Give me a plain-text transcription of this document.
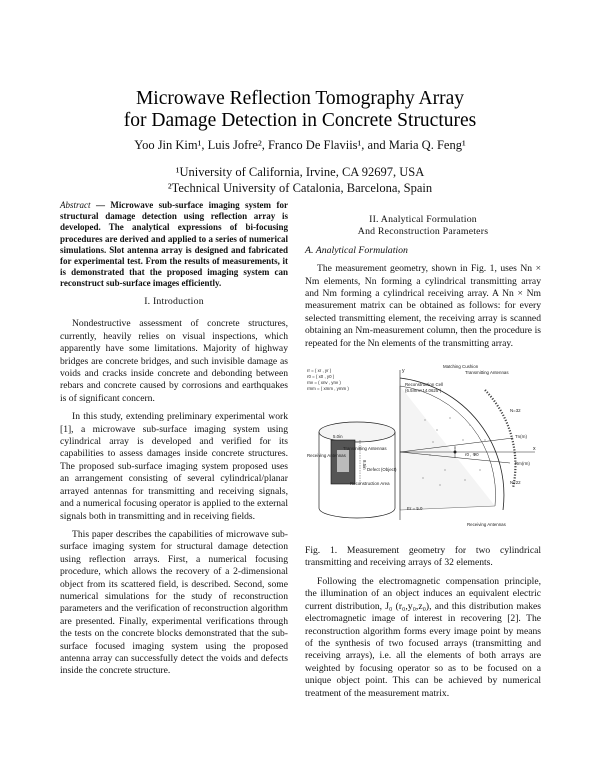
Microwave Reflection Tomography Array
for Damage Detection in Concrete Structures
Yoo Jin Kim¹, Luis Jofre², Franco De Flaviis¹, and Maria Q. Feng¹
¹University of California, Irvine, CA 92697, USA
²Technical University of Catalonia, Barcelona, Spain
Abstract — Microwave sub-surface imaging system for structural damage detection using reflection array is developed. The analytical expressions of bi-focusing procedures are derived and applied to a series of numerical simulations. Slot antenna array is designed and fabricated for experimental test. From the results of measurements, it is demonstrated that the proposed imaging system can reconstruct sub-surface images efficiently.
I. Introduction

Nondestructive assessment of concrete structures, currently, heavily relies on visual inspections, which apparently have some limitations. Majority of highway bridges are concrete bridges, and such invisible damage as voids and cracks inside concrete and debonding between rebars and concrete caused by corrosions and earthquakes is of significant concern.

In this study, extending preliminary experimental work [1], a microwave sub-surface imaging system using cylindrical array is developed and verified for its capabilities to assess damages inside concrete structures. The proposed sub-surface imaging system proposed uses an arrangement consisting of several cylindrical/planar arrayed antennas for transmitting and receiving signals, and a numerical focusing operator is applied to the external signals both in transmitting and in receiving fields.

This paper describes the capabilities of microwave sub-surface imaging system for structural damage detection using reflection arrays. First, a numerical focusing procedure, which allows the recovery of a 2-dimensional object from its scattered field, is described. Second, some numerical simulations for the study of reconstruction parameters and the verification of reconstruction algorithm are presented. Finally, experimental verifications through the tests on the concrete blocks demonstrated that the sub-surface focused imaging system using the proposed antenna array can successfully detect the voids and defects inside the concrete structure.

II. Analytical Formulation
And Reconstruction Parameters
A. Analytical Formulation

The measurement geometry, shown in Fig. 1, uses Nn × Nm elements, Nn forming a cylindrical transmitting array and Nm forming a cylindrical receiving array. A Nn × Nm measurement matrix can be obtained as follows: for every selected transmitting element, the receiving array is scanned obtaining an Nm-measurement column, then the procedure is repeated for the Nn elements of the transmitting array.

8.5in
5.0in
y
x
Matching Cushion
Transmitting Antennas
rr = ( xr , yr )
r0 = ( x0 , y0 )
rnv = ( xnv , ynv )
rmm = ( xmm , ymm )
Reconstruction Cell
(6.5mm×14.0625")
N=32
N=22
Tn(rn)
Rm(rm)
r0 , Φ0
Transmitting Antennas
Receiving Antennas
Defect (Object)
Reconstruction Area
Er = 5.0
Receiving Antennas
Fig. 1. Measurement geometry for two cylindrical transmitting and receiving arrays of 32 elements.

Following the electromagnetic compensation principle, the illumination of an object induces an equivalent electric current distribution, J₀ (r₀,y₀,z₀), and this distribution makes electromagnetic image of interest in recovering [2]. The reconstruction algorithm forms every image point by means of the synthesis of two focused arrays (transmitting and receiving arrays), i.e. all the elements of both arrays are weighted by focusing operator so as to be focused on a unique object point. This can be achieved by numerical treatment of the measurement matrix.
